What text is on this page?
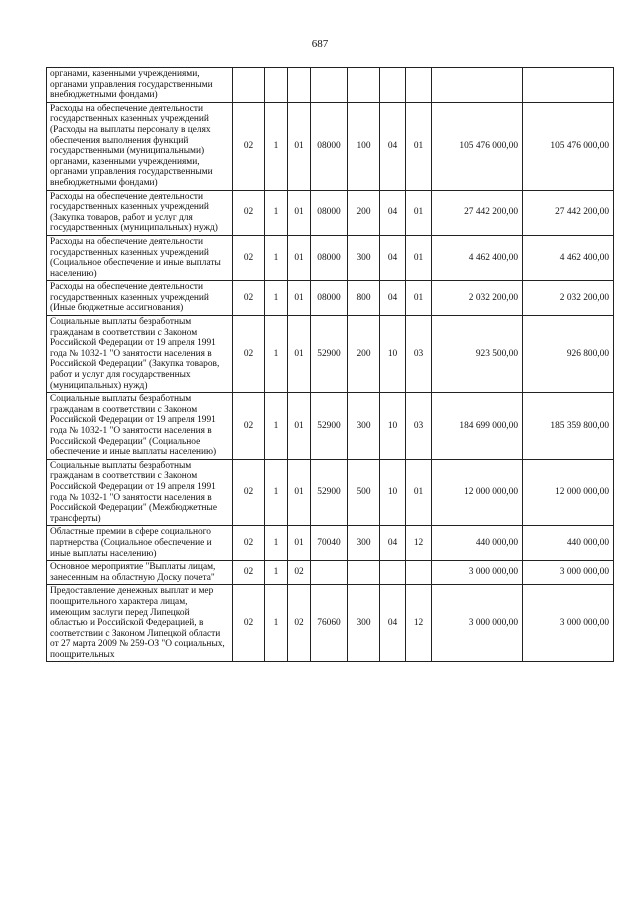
687
органами, казенными учреждениями, органами управления государственными внебюджетными фондами)									
Расходы на обеспечение деятельности государственных казенных учреждений (Расходы на выплаты персоналу в целях обеспечения выполнения функций государственными (муниципальными) органами, казенными учреждениями, органами управления государственными внебюджетными фондами)	02	1	01	08000	100	04	01	105 476 000,00	105 476 000,00
Расходы на обеспечение деятельности государственных казенных учреждений (Закупка товаров, работ и услуг для государственных (муниципальных) нужд)	02	1	01	08000	200	04	01	27 442 200,00	27 442 200,00
Расходы на обеспечение деятельности государственных казенных учреждений (Социальное обеспечение и иные выплаты населению)	02	1	01	08000	300	04	01	4 462 400,00	4 462 400,00
Расходы на обеспечение деятельности государственных казенных учреждений (Иные бюджетные ассигнования)	02	1	01	08000	800	04	01	2 032 200,00	2 032 200,00
Социальные выплаты безработным гражданам в соответствии с Законом Российской Федерации от 19 апреля 1991 года № 1032-1 "О занятости населения в Российской Федерации" (Закупка товаров, работ и услуг для государственных (муниципальных) нужд)	02	1	01	52900	200	10	03	923 500,00	926 800,00
Социальные выплаты безработным гражданам в соответствии с Законом Российской Федерации от 19 апреля 1991 года № 1032-1 "О занятости населения в Российской Федерации" (Социальное обеспечение и иные выплаты населению)	02	1	01	52900	300	10	03	184 699 000,00	185 359 800,00
Социальные выплаты безработным гражданам в соответствии с Законом Российской Федерации от 19 апреля 1991 года № 1032-1 "О занятости населения в Российской Федерации" (Межбюджетные трансферты)	02	1	01	52900	500	10	01	12 000 000,00	12 000 000,00
Областные премии в сфере социального партнерства (Социальное обеспечение и иные выплаты населению)	02	1	01	70040	300	04	12	440 000,00	440 000,00
Основное мероприятие "Выплаты лицам, занесенным на областную Доску почета"	02	1	02					3 000 000,00	3 000 000,00
Предоставление денежных выплат и мер поощрительного характера лицам, имеющим заслуги перед Липецкой областью и Российской Федерацией, в соответствии с Законом Липецкой области от 27 марта 2009 № 259-ОЗ "О социальных, поощрительных	02	1	02	76060	300	04	12	3 000 000,00	3 000 000,00
